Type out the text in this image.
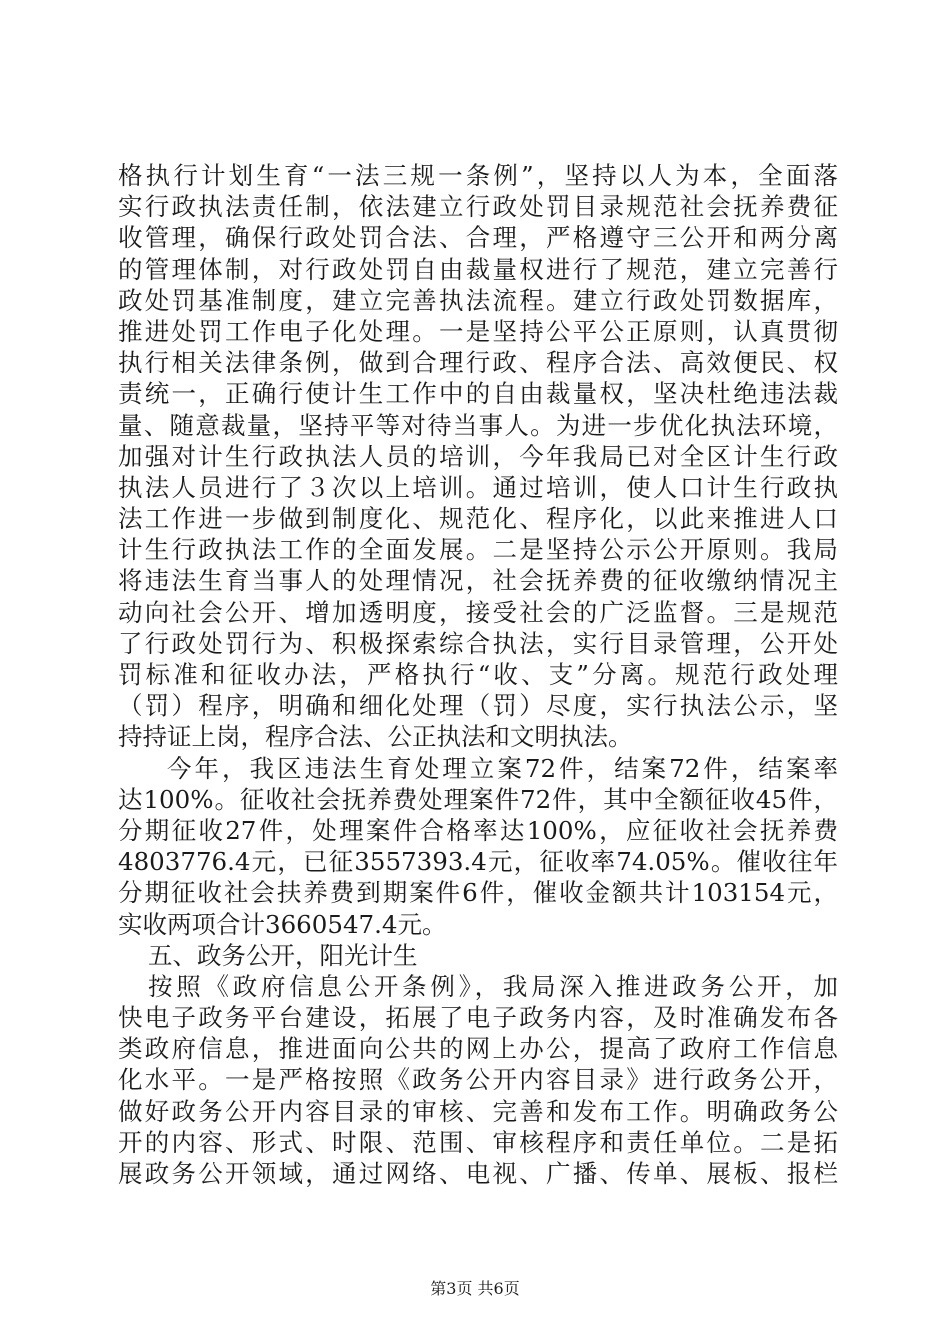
格执行计划生育“一法三规一条例”，坚持以人为本，全面落
实行政执法责任制，依法建立行政处罚目录规范社会抚养费征
收管理，确保行政处罚合法、合理，严格遵守三公开和两分离
的管理体制，对行政处罚自由裁量权进行了规范，建立完善行
政处罚基准制度，建立完善执法流程。建立行政处罚数据库，
推进处罚工作电子化处理。一是坚持公平公正原则，认真贯彻
执行相关法律条例，做到合理行政、程序合法、高效便民、权
责统一，正确行使计生工作中的自由裁量权，坚决杜绝违法裁
量、随意裁量，坚持平等对待当事人。为进一步优化执法环境，
加强对计生行政执法人员的培训，今年我局已对全区计生行政
执法人员进行了３次以上培训。通过培训，使人口计生行政执
法工作进一步做到制度化、规范化、程序化，以此来推进人口
计生行政执法工作的全面发展。二是坚持公示公开原则。我局
将违法生育当事人的处理情况，社会抚养费的征收缴纳情况主
动向社会公开、增加透明度，接受社会的广泛监督。三是规范
了行政处罚行为、积极探索综合执法，实行目录管理，公开处
罚标准和征收办法，严格执行“收、支”分离。规范行政处理
（罚）程序，明确和细化处理（罚）尽度，实行执法公示，坚
持持证上岗，程序合法、公正执法和文明执法。
今年，我区违法生育处理立案72件，结案72件，结案率
达100%。征收社会抚养费处理案件72件，其中全额征收45件，
分期征收27件，处理案件合格率达100%，应征收社会抚养费
4803776.4元，已征3557393.4元，征收率74.05%。催收往年
分期征收社会扶养费到期案件6件，催收金额共计103154元，
实收两项合计3660547.4元。
五、政务公开，阳光计生
按照《政府信息公开条例》，我局深入推进政务公开，加
快电子政务平台建设，拓展了电子政务内容，及时准确发布各
类政府信息，推进面向公共的网上办公，提高了政府工作信息
化水平。一是严格按照《政务公开内容目录》进行政务公开，
做好政务公开内容目录的审核、完善和发布工作。明确政务公
开的内容、形式、时限、范围、审核程序和责任单位。二是拓
展政务公开领域，通过网络、电视、广播、传单、展板、报栏
第3页 共6页
